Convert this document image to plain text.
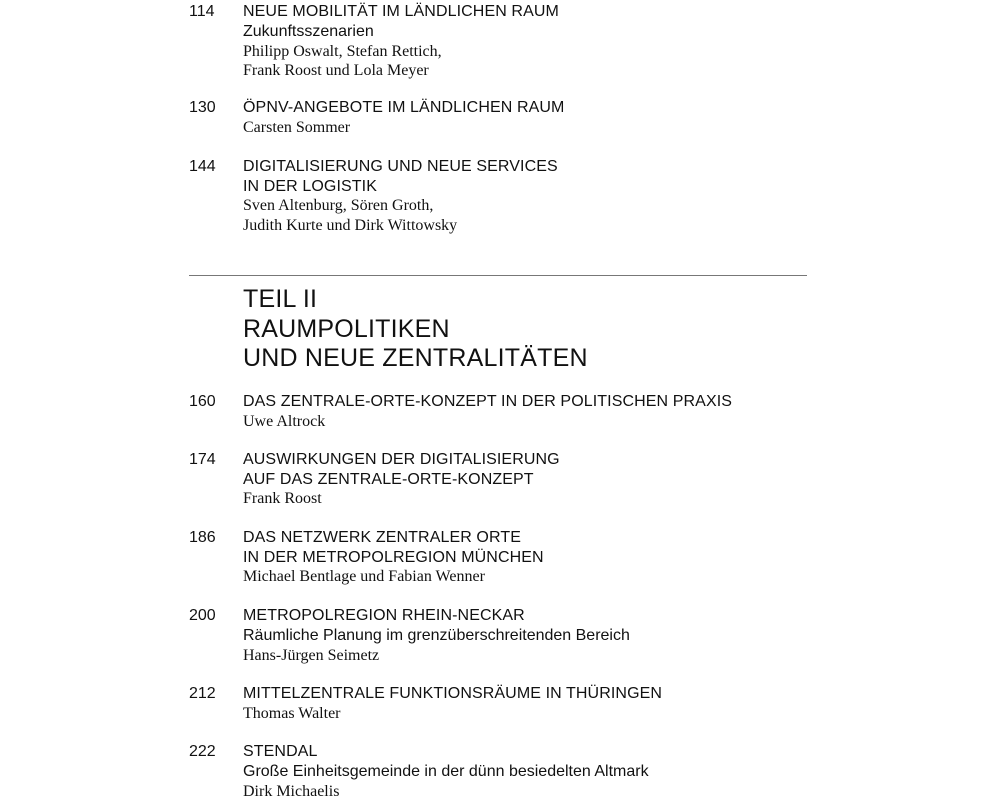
114 NEUE MOBILITÄT IM LÄNDLICHEN RAUM
Zukunftsszenarien
Philipp Oswalt, Stefan Rettich,
Frank Roost und Lola Meyer
130 ÖPNV-ANGEBOTE IM LÄNDLICHEN RAUM
Carsten Sommer
144 DIGITALISIERUNG UND NEUE SERVICES
IN DER LOGISTIK
Sven Altenburg, Sören Groth,
Judith Kurte und Dirk Wittowsky
TEIL II
RAUMPOLITIKEN
UND NEUE ZENTRALITÄTEN
160 DAS ZENTRALE-ORTE-KONZEPT IN DER POLITISCHEN PRAXIS
Uwe Altrock
174 AUSWIRKUNGEN DER DIGITALISIERUNG
AUF DAS ZENTRALE-ORTE-KONZEPT
Frank Roost
186 DAS NETZWERK ZENTRALER ORTE
IN DER METROPOLREGION MÜNCHEN
Michael Bentlage und Fabian Wenner
200 METROPOLREGION RHEIN-NECKAR
Räumliche Planung im grenzüberschreitenden Bereich
Hans-Jürgen Seimetz
212 MITTELZENTRALE FUNKTIONSRÄUME IN THÜRINGEN
Thomas Walter
222 STENDAL
Große Einheitsgemeinde in der dünn besiedelten Altmark
Dirk Michaelis
